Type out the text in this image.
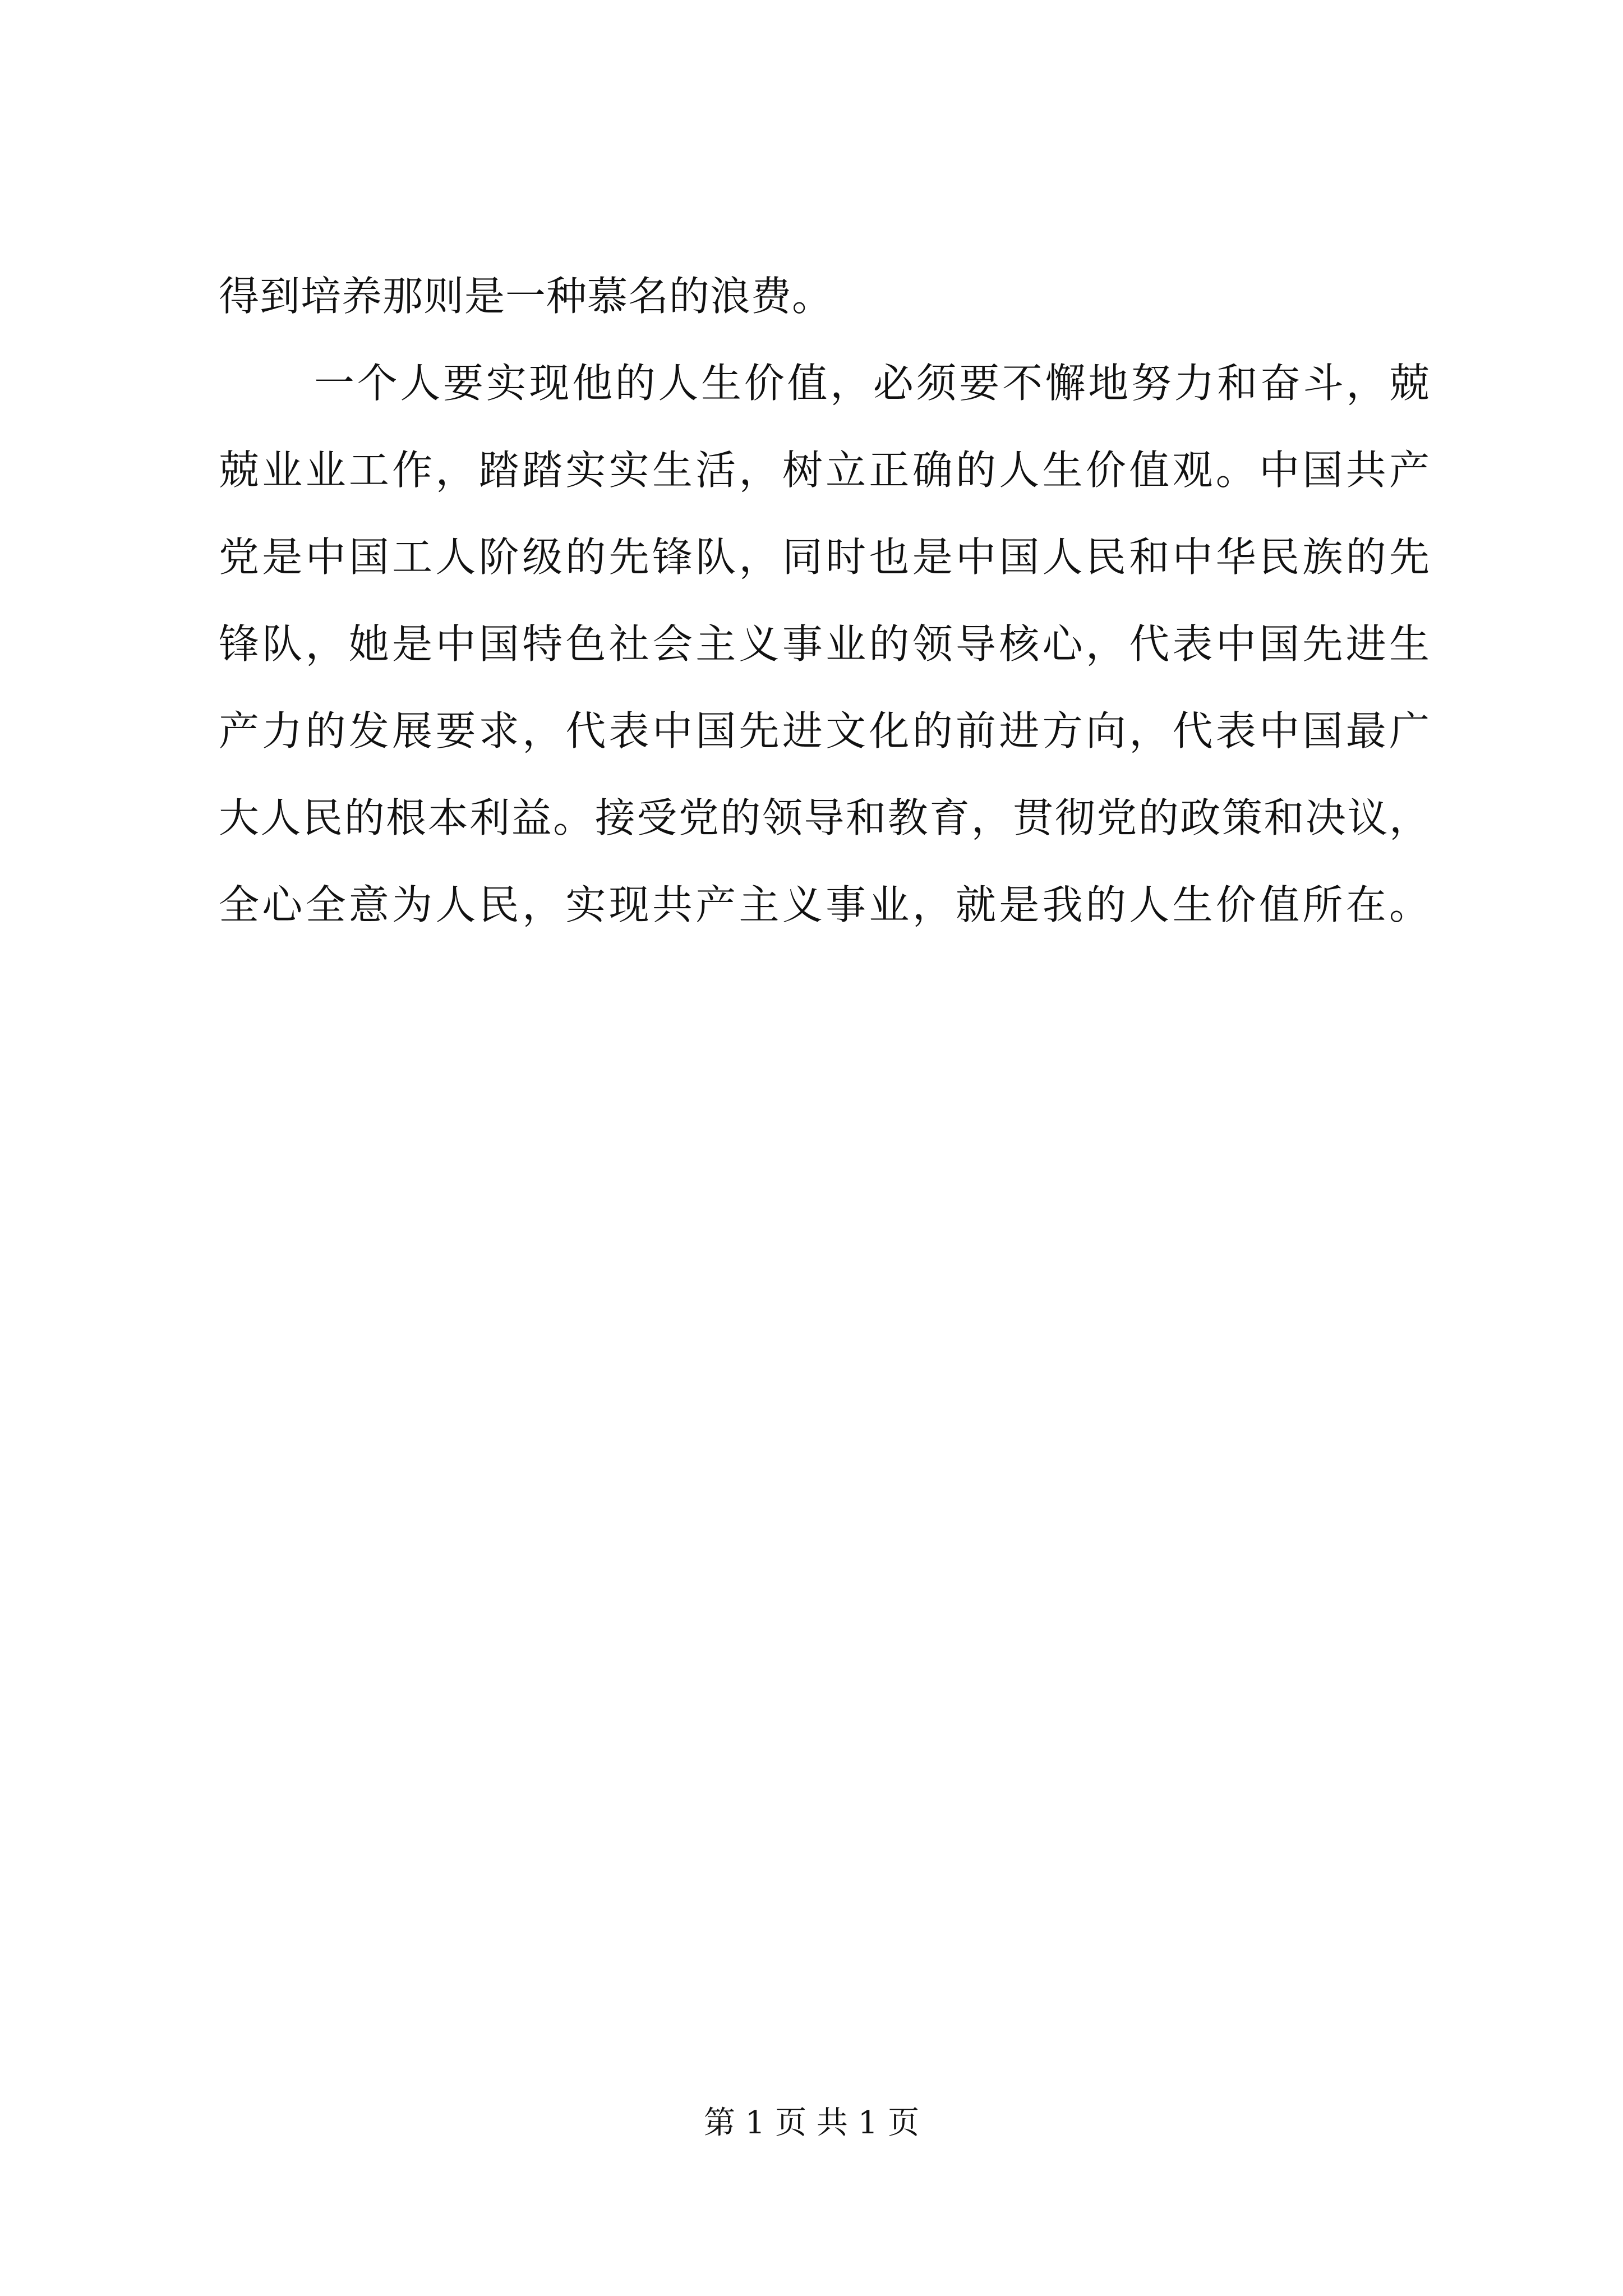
得到培养那则是一种慕名的浪费。
一个人要实现他的人生价值，必须要不懈地努力和奋斗，兢
兢业业工作，踏踏实实生活，树立正确的人生价值观。中国共产
党是中国工人阶级的先锋队，同时也是中国人民和中华民族的先
锋队，她是中国特色社会主义事业的领导核心，代表中国先进生
产力的发展要求，代表中国先进文化的前进方向，代表中国最广
大人民的根本利益。接受党的领导和教育，贯彻党的政策和决议，
全心全意为人民，实现共产主义事业，就是我的人生价值所在。
第 1 页 共 1 页
